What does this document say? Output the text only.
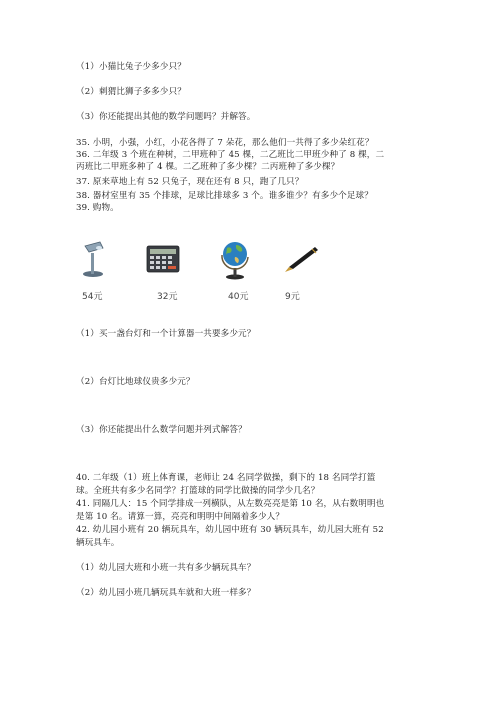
（1）小猫比兔子少多少只？
（2）刺猬比狮子多多少只？
（3）你还能提出其他的数学问题吗？并解答。
35. 小明，小强，小红，小花各得了 7 朵花，那么他们一共得了多少朵红花？
36. 二年级 3 个班在种树，二甲班种了 45 棵，二乙班比二甲班少种了 8 棵，二
丙班比二甲班多种了 4 棵。二乙班种了多少棵？二丙班种了多少棵？
37. 原来草地上有 52 只兔子，现在还有 8 只，跑了几只？
38. 器材室里有 35 个排球，足球比排球多 3 个。谁多谁少？有多少个足球？
39. 购物。
54元	32元	40元	9元
（1）买一盏台灯和一个计算器一共要多少元？
（2）台灯比地球仪贵多少元？
（3）你还能提出什么数学问题并列式解答？
40. 二年级（1）班上体育课，老师让 24 名同学做操，剩下的 18 名同学打篮
球。全班共有多少名同学？打篮球的同学比做操的同学少几名？
41. 同隔几人：15 个同学排成一列横队，从左数亮亮是第 10 名，从右数明明也
是第 10 名。请算一算，亮亮和明明中间隔着多少人？
42. 幼儿园小班有 20 辆玩具车，幼儿园中班有 30 辆玩具车，幼儿园大班有 52
辆玩具车。
（1）幼儿园大班和小班一共有多少辆玩具车？
（2）幼儿园小班几辆玩具车就和大班一样多？
